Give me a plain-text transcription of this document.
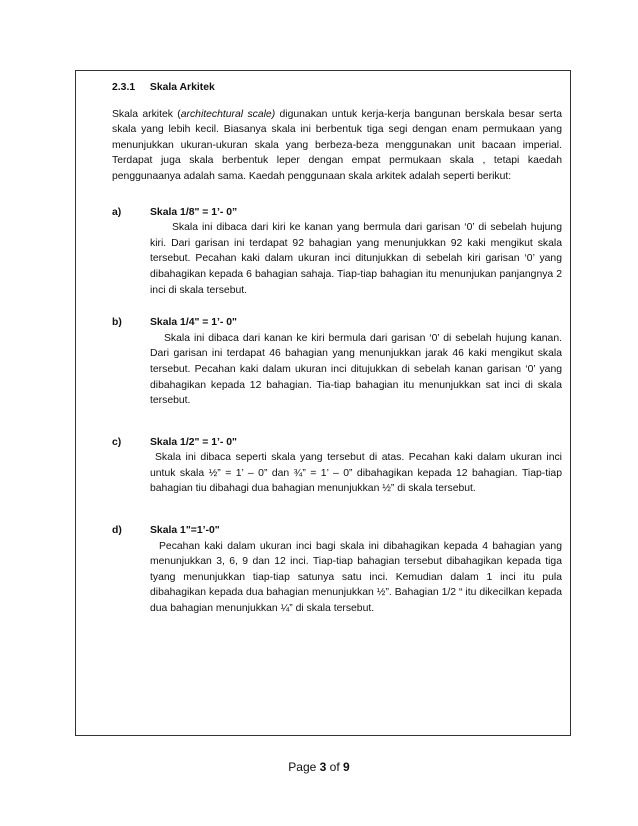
2.3.1 Skala Arkitek
Skala arkitek (architechtural scale) digunakan untuk kerja-kerja bangunan berskala besar serta skala yang lebih kecil. Biasanya skala ini berbentuk tiga segi dengan enam permukaan yang menunjukkan ukuran-ukuran skala yang berbeza-beza menggunakan unit bacaan imperial. Terdapat juga skala berbentuk leper dengan empat permukaan skala , tetapi kaedah penggunaanya adalah sama. Kaedah penggunaan skala arkitek adalah seperti berikut:
a)	Skala 1/8" = 1’- 0”
Skala ini dibaca dari kiri ke kanan yang bermula dari garisan ‘0’ di sebelah hujung kiri. Dari garisan ini terdapat 92 bahagian yang menunjukkan 92 kaki mengikut skala tersebut. Pecahan kaki dalam ukuran inci ditunjukkan di sebelah kiri garisan ‘0’ yang dibahagikan kepada 6 bahagian sahaja. Tiap-tiap bahagian itu menunjukan panjangnya 2 inci di skala tersebut.
b)	Skala 1/4" = 1’- 0"
Skala ini dibaca dari kanan ke kiri bermula dari garisan ‘0’ di sebelah hujung kanan. Dari garisan ini terdapat 46 bahagian yang menunjukkan jarak 46 kaki mengikut skala tersebut. Pecahan kaki dalam ukuran inci ditujukkan di sebelah kanan garisan ‘0’ yang dibahagikan kepada 12 bahagian. Tia-tiap bahagian itu menunjukkan sat inci di skala tersebut.
c)	Skala 1/2" = 1’- 0"
Skala ini dibaca seperti skala yang tersebut di atas. Pecahan kaki dalam ukuran inci untuk skala ½” = 1’ – 0” dan ¾” = 1’ – 0” dibahagikan kepada 12 bahagian. Tiap-tiap bahagian tiu dibahagi dua bahagian menunjukkan ½” di skala tersebut.
d)	Skala 1"=1’-0"
Pecahan kaki dalam ukuran inci bagi skala ini dibahagikan kepada 4 bahagian yang menunjukkan 3, 6, 9 dan 12 inci. Tiap-tiap bahagian tersebut dibahagikan kepada tiga tyang menunjukkan tiap-tiap satunya satu inci. Kemudian dalam 1 inci itu pula dibahagikan kepada dua bahagian menunjukkan ½”. Bahagian 1/2 “ itu dikecilkan kepada dua bahagian menunjukkan ¼” di skala tersebut.
Page 3 of 9
